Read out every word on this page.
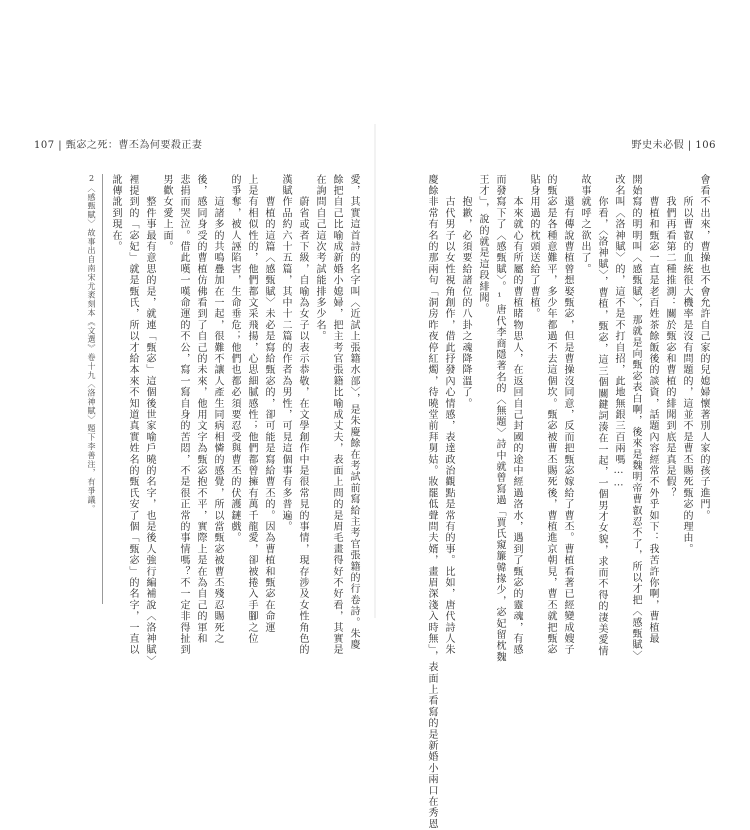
107 | 甄宓之死：曹丕為何要殺正妻
愛，其實這首詩的名字叫〈近試上張籍水部〉，是朱慶餘在考試前寫給主考官張籍的行卷詩。朱慶
餘把自己比喻成新婚小媳婦，把主考官張籍比喻成丈夫，表面上問的是眉毛畫得好不好看，其實是
在詢問自己這次考試能排多少名。
　　蔚省或者下級，自喻為女子以表示恭敬，在文學創作中是很常見的事情，現存涉及女性角色的
漢賦作品約六十五篇，其中十二篇的作者為男性，可見這個事有多普遍。
　　曹植的這篇〈感甄賦〉未必是寫給甄宓的，卻可能是寫給曹丕的。因為曹植和甄宓在命運
上是有相似性的，他們都文采飛揚，心思細膩感性；他們都曾擁有萬千龍愛，卻被捲入手腳之位
的爭奪，被人誣陷害，生命垂危；他們也都必須要忍受與曹丕的伏護鏈戲。
　　這諸多的共鳴疊加在一起，很難不讓人產生同病相憐的感覺，所以當甄宓被曹丕殘忍賜死之
後，感同身受的曹植仿佛看到了自己的未來，他用文字為甄宓抱不平，實際上是在為自己的軍和
悲捐而哭泣。借此嘆一嘆命運的不公，寫一寫自身的苦悶，不是很正常的事情嗎？不一定非得扯到
男歡女愛上面。
　　整件事最有意思的是，就連「甄宓」這個後世家喻戶曉的名字，也是後人強行編補說〈洛神賦〉
裡提到的「宓妃」就是甄氏，所以才給本來不知道真實姓名的甄氏安了個「甄宓」的名字，一直以
訛傳訛到現在。
2〈感甄賦〉故事出自南宋尤袤刻本《文選》卷十九〈洛神賦〉題下李善注，有爭議。
野史未必假 | 106
會看不出來，曹操也不會允許自己家的兒媳婦懷著別人家的孩子進門。
　　所以曹叡的血統很大機率是沒有問題的，這並不是曹丕賜死甄宓的理由。
　　我們再看第二種推測：關於甄宓和曹植的緋聞到底是真是假？
　　曹植和甄宓一直是老百姓茶餘飯後的談資，話題內容經常不外乎如下：我苦許你啊，曹植最
開始寫的明明叫〈感甄賦〉，那就是向甄宓表白啊，後來是魏明帝曹叡忍不了，所以才把〈感甄賦〉
改名叫〈洛神賦〉的，這不是不打自招，此地無銀三百兩嗎……
　　你看，〈洛神賦〉，曹植，甄宓，這三個關鍵詞湊在一起，一個男才女貌，求而不得的淒美愛情
故事就呼之欲出了。
　　還有傳說曹植曾想娶甄宓，但是曹操沒同意，反而把甄宓嫁給了曹丕。曹植看著已經變成嫂子
的甄宓是各種意難平，多少年都過不去這個坎。甄宓被曹丕賜死後，曹植進京朝見，曹丕就把甄宓
貼身用過的枕頭送給了曹植。
　　本來就心有所屬的曹植睹物思人，在返回自己封國的途中經過洛水，遇到了甄宓的靈魂，有感
而發寫下了〈感甄賦〉。¹唐代李商隱著名的〈無題〉詩中就曾寫過「賈氏窺簾韓掾少，宓妃留枕魏
王才」，說的就是這段緋聞。
　　抱歉，必須要給諸位的八卦之魂降降溫了。
　　古代男子以女性視角創作，借此抒發內心情感，表達政治觀點是常有的事。比如，唐代詩人朱
慶餘非常有名的那兩句「洞房昨夜停紅燭，待曉堂前拜舅姑。妝罷低聲問夫婿，畫眉深淺入時無」，表面上看寫的是新婚小兩口在秀恩
